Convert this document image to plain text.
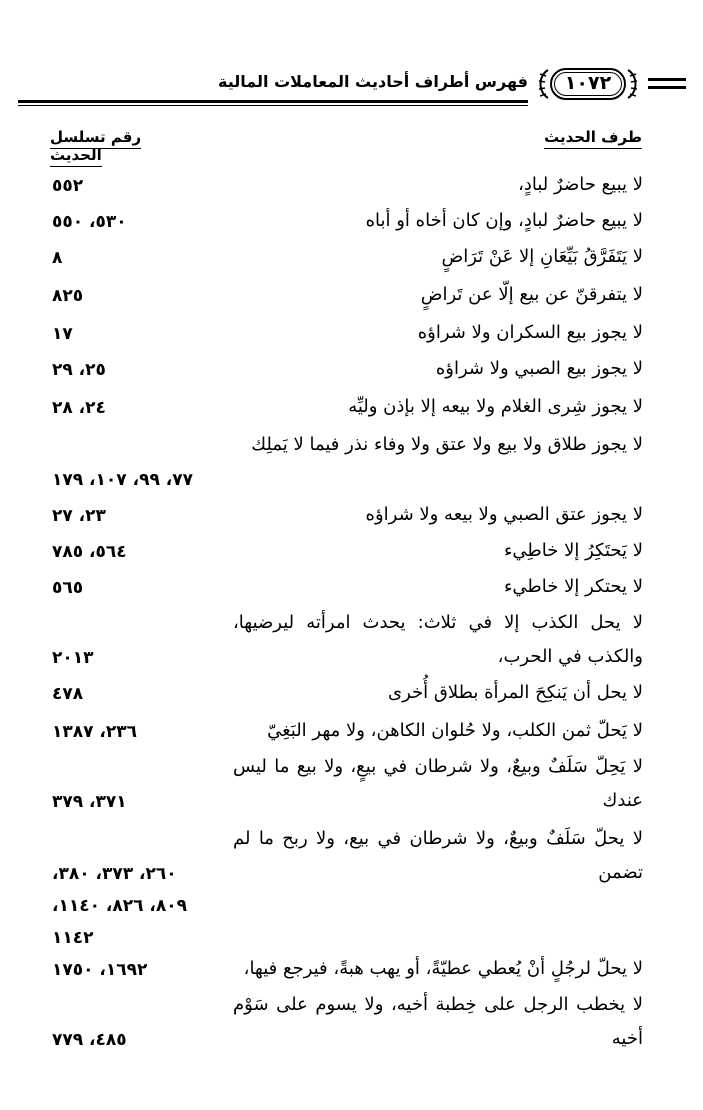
فهرس أطراف أحاديث المعاملات المالية	١٠٧٢
طرف الحديث
رقم تسلسل الحديث
لا يبيع حاضرٌ لبادٍ،
٥٥٢
لا يبيع حاضرٌ لبادٍ، وإن كان أخاه أو أباه
٥٣٠، ٥٥٠
لا يَتَفَرَّقُ بَيِّعَانِ إلا عَنْ تَرَاضٍ
٨
لا يتفرقنّ عن بيع إلّا عن تَراضٍ
٨٢٥
لا يجوز بيع السكران ولا شراؤه
١٧
لا يجوز بيع الصبي ولا شراؤه
٢٥، ٢٩
لا يجوز شِرى الغلام ولا بيعه إلا بإذن وليِّه
٢٤، ٢٨
لا يجوز طلاق ولا بيع ولا عتق ولا وفاء نذر فيما لا يَملِك
٧٧، ٩٩، ١٠٧، ١٧٩
لا يجوز عتق الصبي ولا بيعه ولا شراؤه
٢٣، ٢٧
لا يَحتَكِرُ إلا خاطِيء
٥٦٤، ٧٨٥
لا يحتكر إلا خاطيء
٥٦٥
لا يحل الكذب إلا في ثلاث: يحدث امرأته ليرضيها، والكذب في الحرب،
٢٠١٣
لا يحل أن يَنكِحَ المرأة بطلاق أُخرى
٤٧٨
لا يَحلّ ثمن الكلب، ولا حُلوان الكاهن، ولا مهر البَغِيّ
٢٣٦، ١٣٨٧
لا يَحِلّ سَلَفٌ وبيعٌ، ولا شرطان في بيعٍ، ولا بيع ما ليس عندك
٣٧١، ٣٧٩
لا يحلّ سَلَفٌ وبيعٌ، ولا شرطان في بيع، ولا ربح ما لم تضمن
٢٦٠، ٣٧٣، ٣٨٠،
٨٠٩، ٨٢٦، ١١٤٠،
١١٤٢
لا يحلّ لرجُلٍ أنْ يُعطي عطيّةً، أو يهب هبةً، فيرجع فيها،
١٦٩٢، ١٧٥٠
لا يخطب الرجل على خِطبة أخيه، ولا يسوم على سَوْم أخيه
٤٨٥، ٧٧٩
